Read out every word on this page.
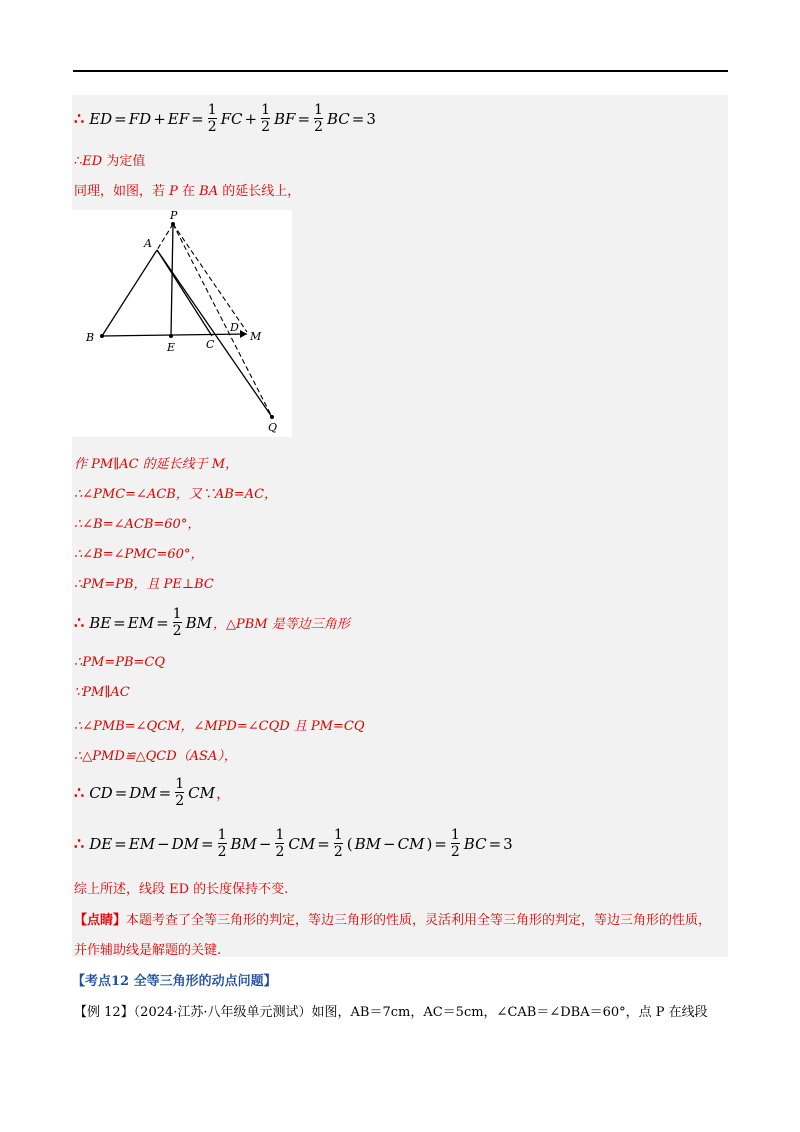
∴ ED = FD + EF = $\frac{1}{2}$ FC + $\frac{1}{2}$ BF = $\frac{1}{2}$ BC = 3
∴ED 为定值
同理，如图，若 P 在 BA 的延长线上，
P
A
B
E	C
D
M
Q
作 PM∥AC 的延长线于 M，
∴∠PMC=∠ACB，又∵AB=AC，
∴∠B=∠ACB=60°，
∴∠B=∠PMC=60°，
∴PM=PB，且 PE⊥BC
∴ BE = EM = $\frac{1}{2}$ BM ，△PBM 是等边三角形
∴PM=PB=CQ
∵PM∥AC
∴∠PMB=∠QCM，∠MPD=∠CQD 且 PM=CQ
∴△PMD≌△QCD（ASA），
∴ CD = DM = $\frac{1}{2}$ CM ，
∴ DE = EM − DM = $\frac{1}{2}$ BM − $\frac{1}{2}$ CM = $\frac{1}{2}$ ( BM − CM ) = $\frac{1}{2}$ BC = 3
综上所述，线段 ED 的长度保持不变.
【点睛】本题考查了全等三角形的判定，等边三角形的性质，灵活利用全等三角形的判定，等边三角形的性质，并作辅助线是解题的关键.
【考点12 全等三角形的动点问题】
【例 12】（2024·江苏·八年级单元测试）如图，AB＝7cm，AC＝5cm，∠CAB＝∠DBA＝60°，点 P 在线段
